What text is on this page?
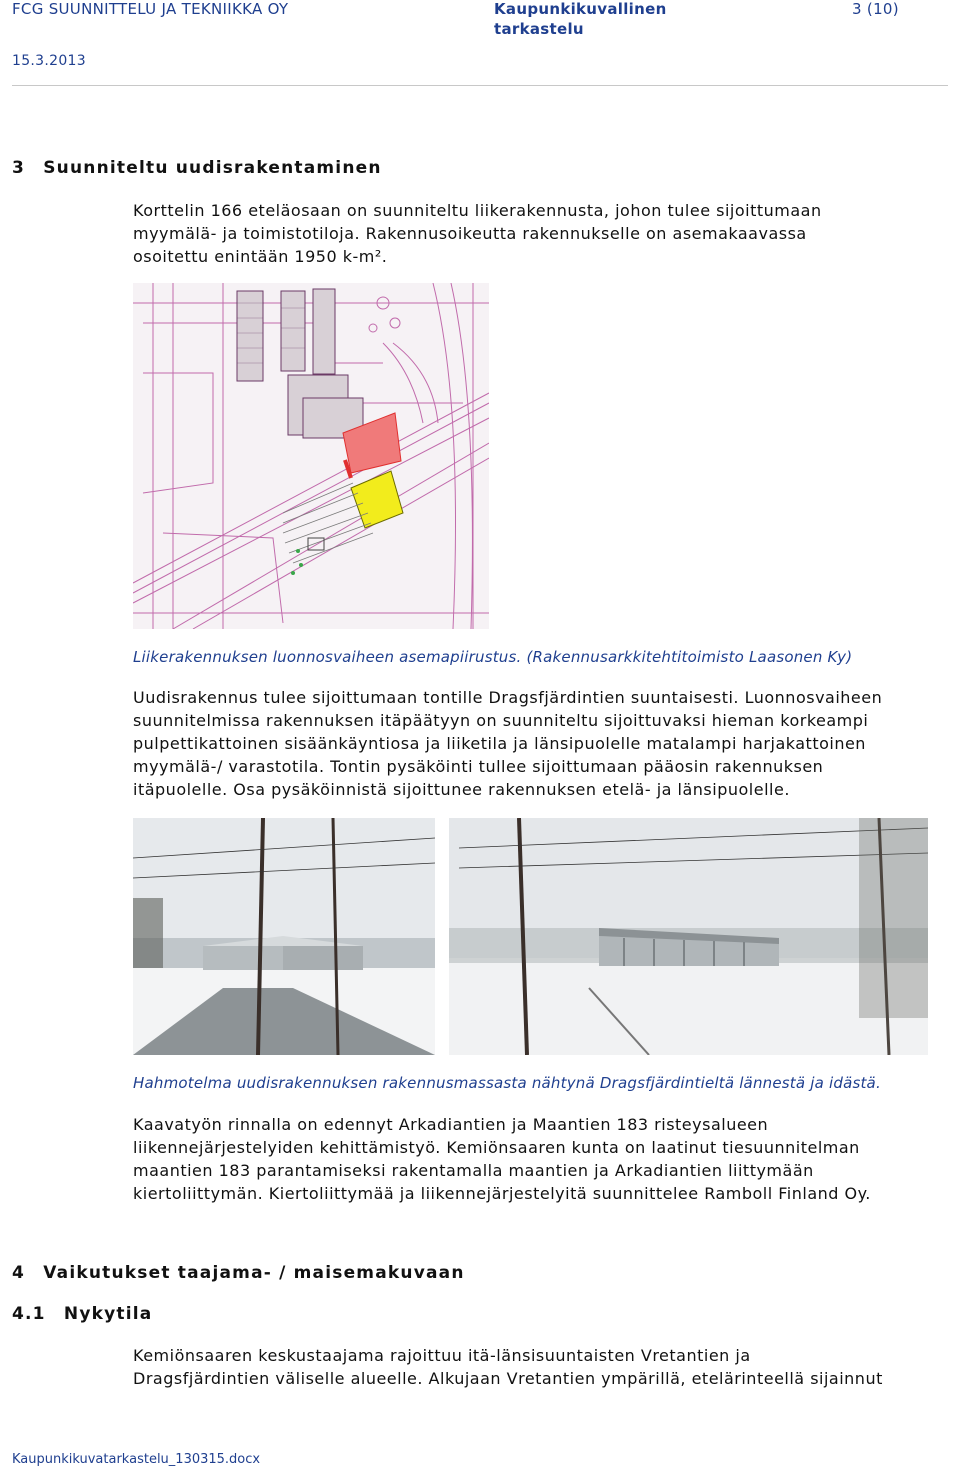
FCG SUUNNITTELU JA TEKNIIKKA OY	Kaupunkikuvallinen
tarkastelu
3 (10)
15.3.2013
3 Suunniteltu uudisrakentaminen

Korttelin 166 eteläosaan on suunniteltu liikerakennusta, johon tulee sijoittumaan

myymälä- ja toimistotiloja. Rakennusoikeutta rakennukselle on asemakaavassa

osoitettu enintään 1950 k-m².

Liikerakennuksen luonnosvaiheen asemapiirustus. (Rakennusarkkitehtitoimisto Laasonen Ky)

Uudisrakennus tulee sijoittumaan tontille Dragsfjärdintien suuntaisesti. Luonnosvaiheen

suunnitelmissa rakennuksen itäpäätyyn on suunniteltu sijoittuvaksi hieman korkeampi

pulpettikattoinen sisäänkäyntiosa ja liiketila ja länsipuolelle matalampi harjakattoinen

myymälä-/ varastotila. Tontin pysäköinti tullee sijoittumaan pääosin rakennuksen

itäpuolelle. Osa pysäköinnistä sijoittunee rakennuksen etelä- ja länsipuolelle.

Hahmotelma uudisrakennuksen rakennusmassasta nähtynä Dragsfjärdintieltä lännestä ja idästä.

Kaavatyön rinnalla on edennyt Arkadiantien ja Maantien 183 risteysalueen

liikennejärjestelyiden kehittämistyö. Kemiönsaaren kunta on laatinut tiesuunnitelman

maantien 183 parantamiseksi rakentamalla maantien ja Arkadiantien liittymään

kiertoliittymän. Kiertoliittymää ja liikennejärjestelyitä suunnittelee Ramboll Finland Oy.

4 Vaikutukset taajama- / maisemakuvaan
4.1 Nykytila

Kemiönsaaren keskustaajama rajoittuu itä-länsisuuntaisten Vretantien ja

Dragsfjärdintien väliselle alueelle. Alkujaan Vretantien ympärillä, etelärinteellä sijainnut

Kaupunkikuvatarkastelu_130315.docx
